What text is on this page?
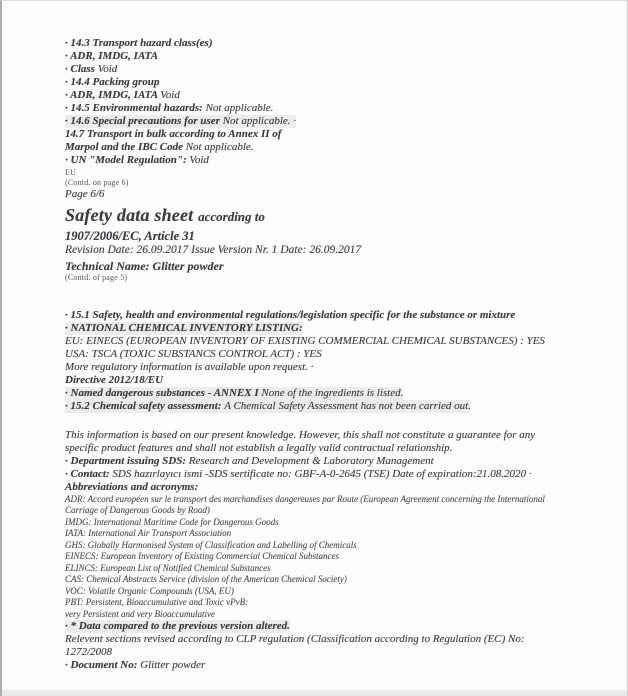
· 14.3 Transport hazard class(es)
· ADR, IMDG, IATA
· Class Void
· 14.4 Packing group
· ADR, IMDG, IATA Void
· 14.5 Environmental hazards: Not applicable.
· 14.6 Special precautions for user Not applicable. ·
14.7 Transport in bulk according to Annex II of
Marpol and the IBC Code Not applicable.
· UN "Model Regulation": Void
EU
(Contd. on page 6)
Page 6/6
Safety data sheet according to
1907/2006/EC, Article 31
Revision Date: 26.09.2017 Issue Version Nr. 1 Date: 26.09.2017
Technical Name: Glitter powder
(Contd. of page 5)
· 15.1 Safety, health and environmental regulations/legislation specific for the substance or mixture
· NATIONAL CHEMICAL INVENTORY LISTING:
EU: EINECS (EUROPEAN INVENTORY OF EXISTING COMMERCIAL CHEMICAL SUBSTANCES) : YES
USA: TSCA (TOXIC SUBSTANCS CONTROL ACT) : YES
More regulatory information is available upon request. ·
Directive 2012/18/EU
· Named dangerous substances - ANNEX I None of the ingredients is listed.
· 15.2 Chemical safety assessment: A Chemical Safety Assessment has not been carried out.
This information is based on our present knowledge. However, this shall not constitute a guarantee for any
specific product features and shall not establish a legally valid contractual relationship.
· Department issuing SDS: Research and Development & Laboratory Management
· Contact: SDS hazırlayıcı ismi -SDS sertificate no: GBF-A-0-2645 (TSE) Date of expiration:21.08.2020 ·
Abbreviations and acronyms:
ADR: Accord européen sur le transport des marchandises dangereuses par Route (European Agreement concerning the International
Carriage of Dangerous Goods by Road)
IMDG: International Maritime Code for Dangerous Goods
IATA: International Air Transport Association
GHS: Globally Harmonised System of Classification and Labelling of Chemicals
EINECS: European Inventory of Existing Commercial Chemical Substances
ELINCS: European List of Notified Chemical Substances
CAS: Chemical Abstracts Service (division of the American Chemical Society)
VOC: Volatile Organic Compounds (USA, EU)
PBT: Persistent, Bioaccumulative and Toxic vPvB:
very Persistent and very Bioaccumulative
· * Data compared to the previous version altered.
Relevent sections revised according to CLP regulation (Classification according to Regulation (EC) No:
1272/2008
· Document No: Glitter powder
